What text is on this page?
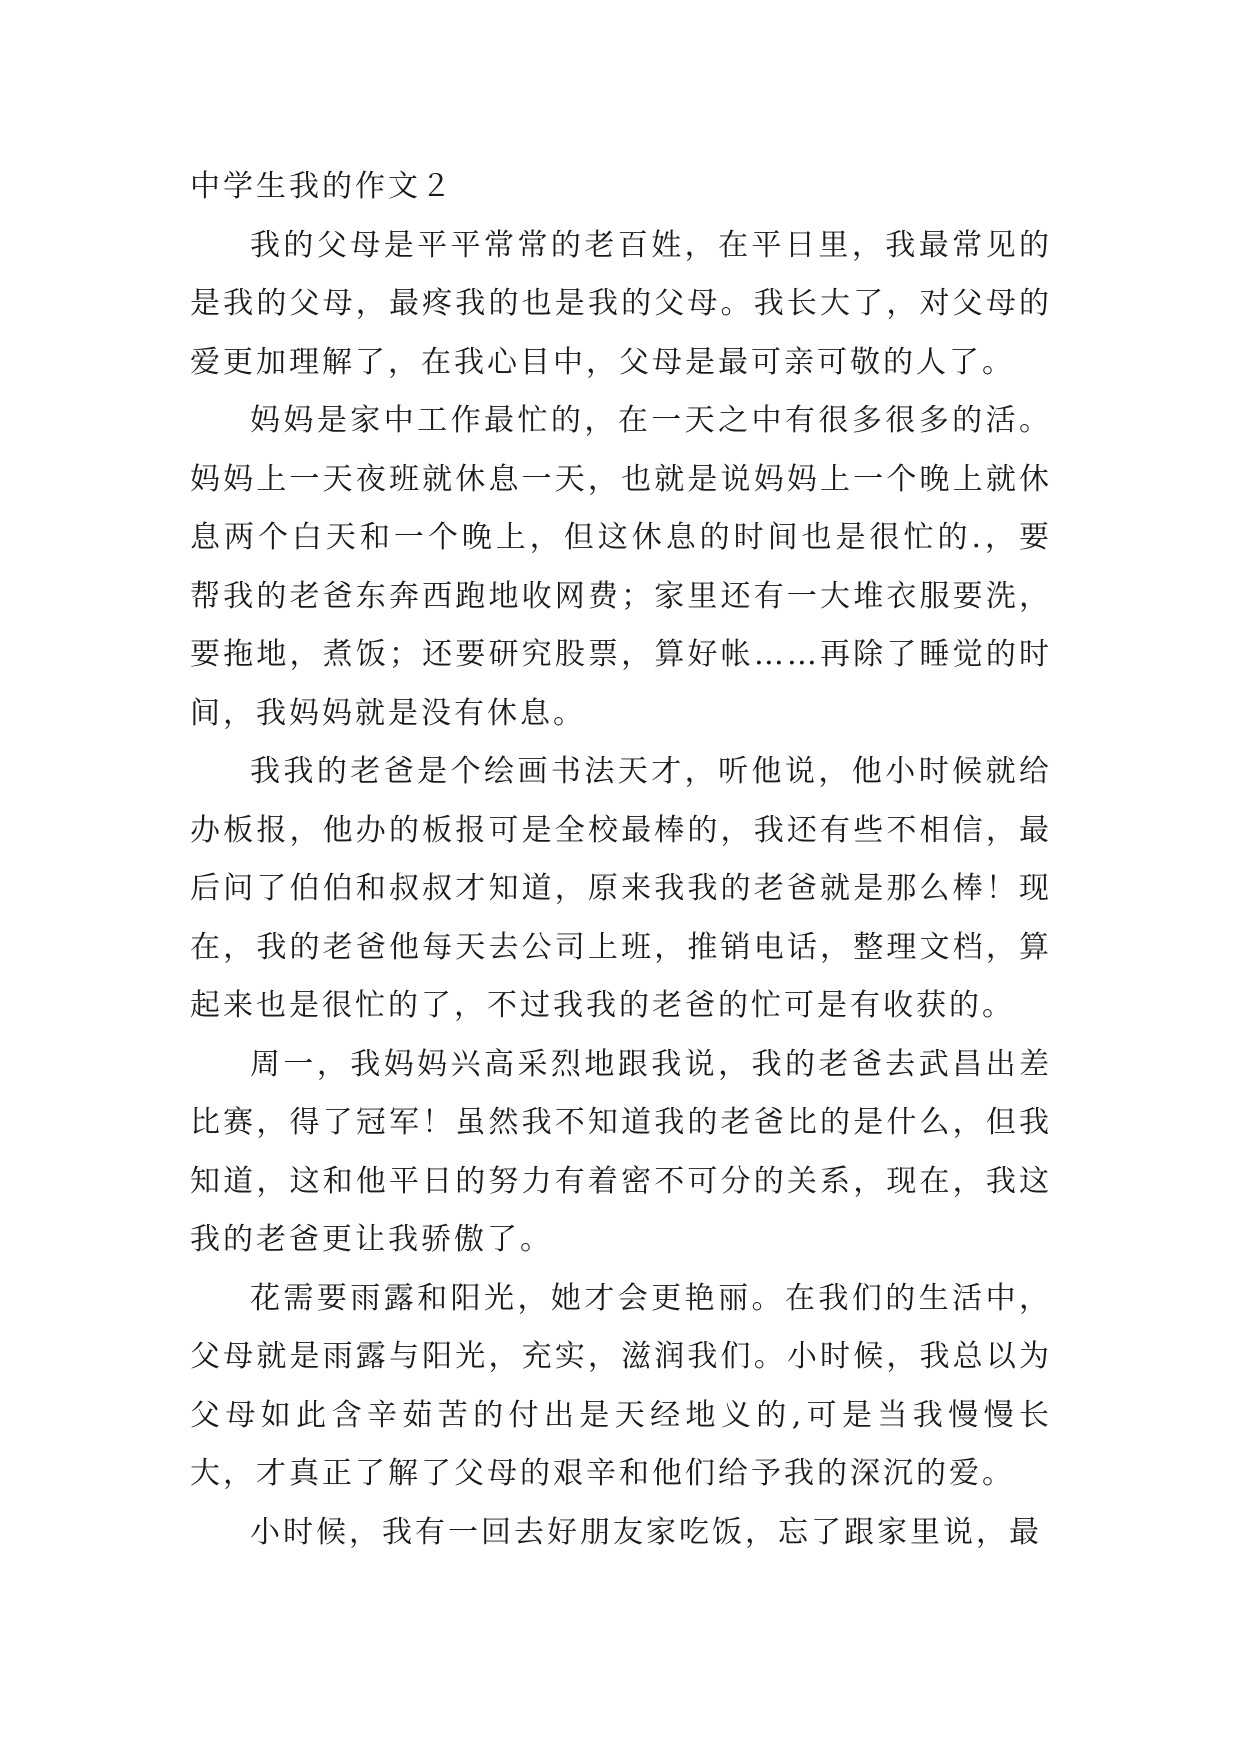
中学生我的作文２

我的父母是平平常常的老百姓，在平日里，我最常见的是我的父母，最疼我的也是我的父母。我长大了，对父母的爱更加理解了，在我心目中，父母是最可亲可敬的人了。

妈妈是家中工作最忙的，在一天之中有很多很多的活。妈妈上一天夜班就休息一天，也就是说妈妈上一个晚上就休息两个白天和一个晚上，但这休息的时间也是很忙的.，要帮我的老爸东奔西跑地收网费；家里还有一大堆衣服要洗，要拖地，煮饭；还要研究股票，算好帐……再除了睡觉的时间，我妈妈就是没有休息。

我我的老爸是个绘画书法天才，听他说，他小时候就给办板报，他办的板报可是全校最棒的，我还有些不相信，最后问了伯伯和叔叔才知道，原来我我的老爸就是那么棒！现在，我的老爸他每天去公司上班，推销电话，整理文档，算起来也是很忙的了，不过我我的老爸的忙可是有收获的。

周一，我妈妈兴高采烈地跟我说，我的老爸去武昌出差比赛，得了冠军！虽然我不知道我的老爸比的是什么，但我知道，这和他平日的努力有着密不可分的关系，现在，我这我的老爸更让我骄傲了。

花需要雨露和阳光，她才会更艳丽。在我们的生活中，父母就是雨露与阳光，充实，滋润我们。小时候，我总以为父母如此含辛茹苦的付出是天经地义的,可是当我慢慢长大，才真正了解了父母的艰辛和他们给予我的深沉的爱。

小时候，我有一回去好朋友家吃饭，忘了跟家里说，最
